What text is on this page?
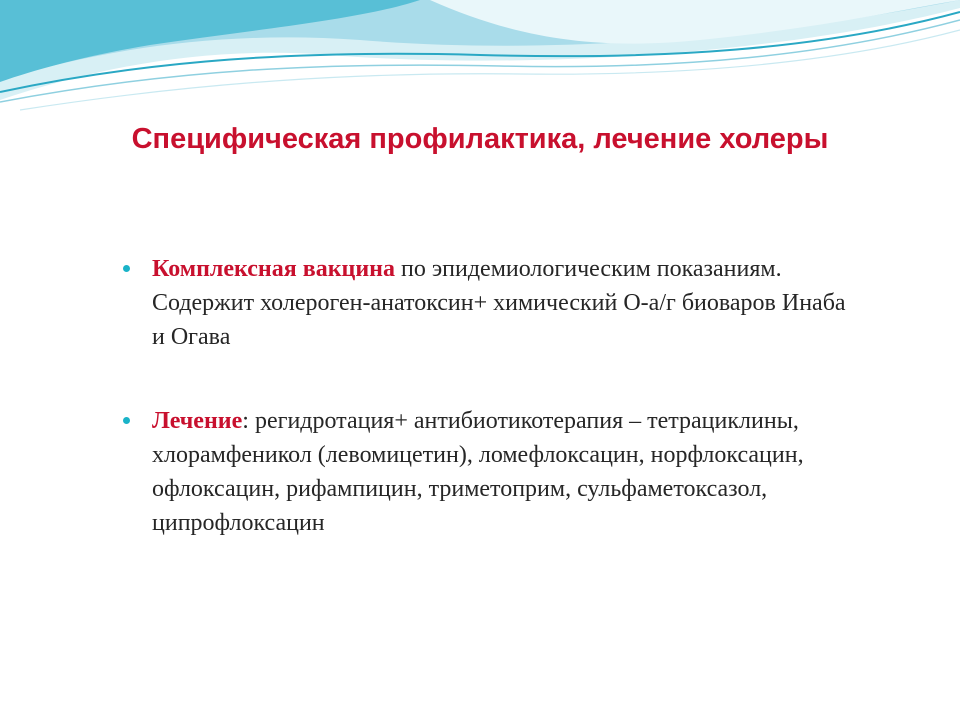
Специфическая профилактика, лечение холеры
Комплексная вакцина по эпидемиологическим показаниям. Содержит холероген-анатоксин+ химический О-а/г биоваров Инаба и Огава
Лечение: регидротация+ антибиотикотерапия – тетрациклины, хлорамфеникол (левомицетин), ломефлоксацин, норфлоксацин, офлоксацин, рифампицин, триметоприм, сульфаметоксазол, ципрофлоксацин
